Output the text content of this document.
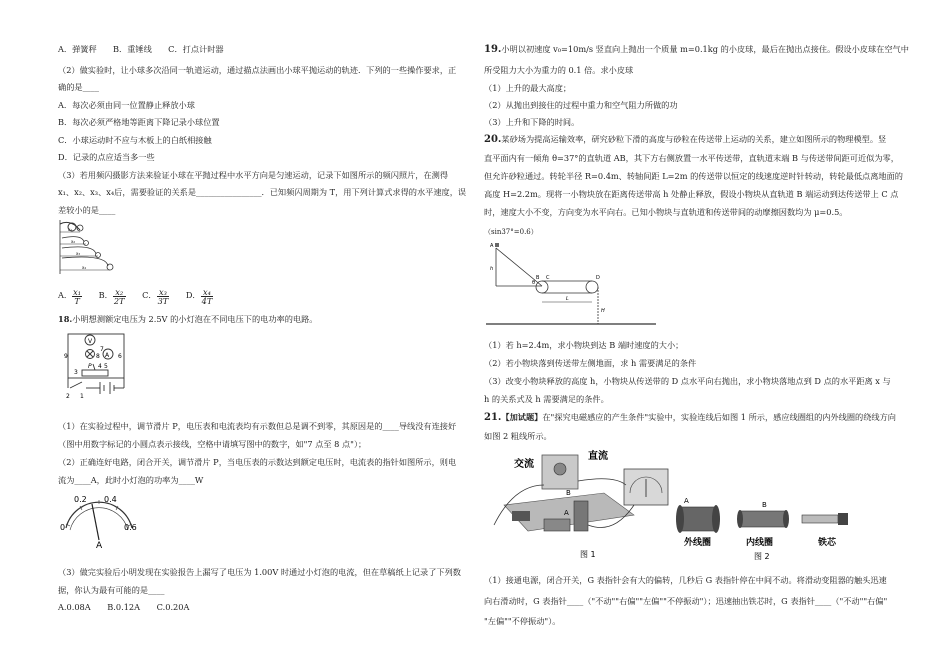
A．弹簧秤　　B．重锤线　　C．打点计时器
（2）做实验时，让小球多次沿同一轨道运动，通过描点法画出小球平抛运动的轨迹．下列的一些操作要求，正
确的是____
A．每次必须由同一位置静止释放小球
B．每次必须严格地等距离下降记录小球位置
C．小球运动时不应与木板上的白纸相接触
D．记录的点应适当多一些
（3）若用频闪摄影方法来验证小球在平抛过程中水平方向是匀速运动，记录下如图所示的频闪照片，在测得
x₁、x₂、x₃、x₄后，需要验证的关系是________________．已知频闪周期为 T，用下列计算式求得的水平速度，误
差较小的是____
x₁
x₂
x₃
x₄
A． $\frac{\text{x₁}}{T}$ B． $\frac{\text{x₂}}{2T}$ C． $\frac{\text{x₃}}{3T}$ D． $\frac{\text{x₄}}{4T}$
18.小明想测额定电压为 2.5V 的小灯泡在不同电压下的电功率的电路。
V
A
9	8
7
6
5
4
3
2 1
P
（1）在实验过程中，调节滑片 P，电压表和电流表均有示数但总是调不到零，其原因是的____导线没有连接好
（图中用数字标记的小圆点表示接线，空格中请填写图中的数字，如"7 点至 8 点"）；
（2）正确连好电路，闭合开关，调节滑片 P，当电压表的示数达到额定电压时，电流表的指针如图所示，则电
流为____A，此时小灯泡的功率为____W
0
0.2 0.4
0.6
A
（3）做完实验后小明发现在实验报告上漏写了电压为 1.00V 时通过小灯泡的电流，但在草稿纸上记录了下列数
据，你认为最有可能的是____
A.0.08A B.0.12A C.0.20A
19.小明以初速度 v₀=10m/s 竖直向上抛出一个质量 m=0.1kg 的小皮球，最后在抛出点接住。假设小皮球在空气中
所受阻力大小为重力的 0.1 倍。求小皮球
（1）上升的最大高度；
（2）从抛出到接住的过程中重力和空气阻力所做的功
（3）上升和下降的时间。
20.某砂场为提高运输效率，研究砂粒下滑的高度与砂粒在传送带上运动的关系，建立如图所示的物理模型。竖
直平面内有一倾角 θ=37°的直轨道 AB，其下方右侧放置一水平传送带，直轨道末端 B 与传送带间距可近似为零，
但允许砂粒通过。转轮半径 R=0.4m、转轴间距 L=2m 的传送带以恒定的线速度逆时针转动，转轮最低点离地面的
高度 H=2.2m。现将一小物块放在距离传送带高 h 处静止释放，假设小物块从直轨道 B 端运动到达传送带上 C 点
时，速度大小不变，方向变为水平向右。已知小物块与直轨道和传送带间的动摩擦因数均为 μ=0.5。
（sin37°=0.6）
A
h
θ
B C	D
L
H
（1）若 h=2.4m，求小物块到达 B 端时速度的大小；
（2）若小物块落到传送带左侧地面，求 h 需要满足的条件
（3）改变小物块释放的高度 h，小物块从传送带的 D 点水平向右抛出，求小物块落地点到 D 点的水平距离 x 与
h 的关系式及 h 需要满足的条件。
21.【加试题】在"探究电磁感应的产生条件"实验中，实验连线后如图 1 所示，感应线圈组的内外线圈的绕线方向
如图 2 粗线所示。
交流
直流
A
B
图 1
A
外线圈
B
内线圈	铁芯
图 2
（1）接通电源，闭合开关，G 表指针会有大的偏转，几秒后 G 表指针停在中间不动。将滑动变阻器的触头迅速
向右滑动时，G 表指针____（"不动""右偏""左偏""不停振动"）；迅速抽出铁芯时，G 表指针____（"不动""右偏"
"左偏""不停振动"）。
